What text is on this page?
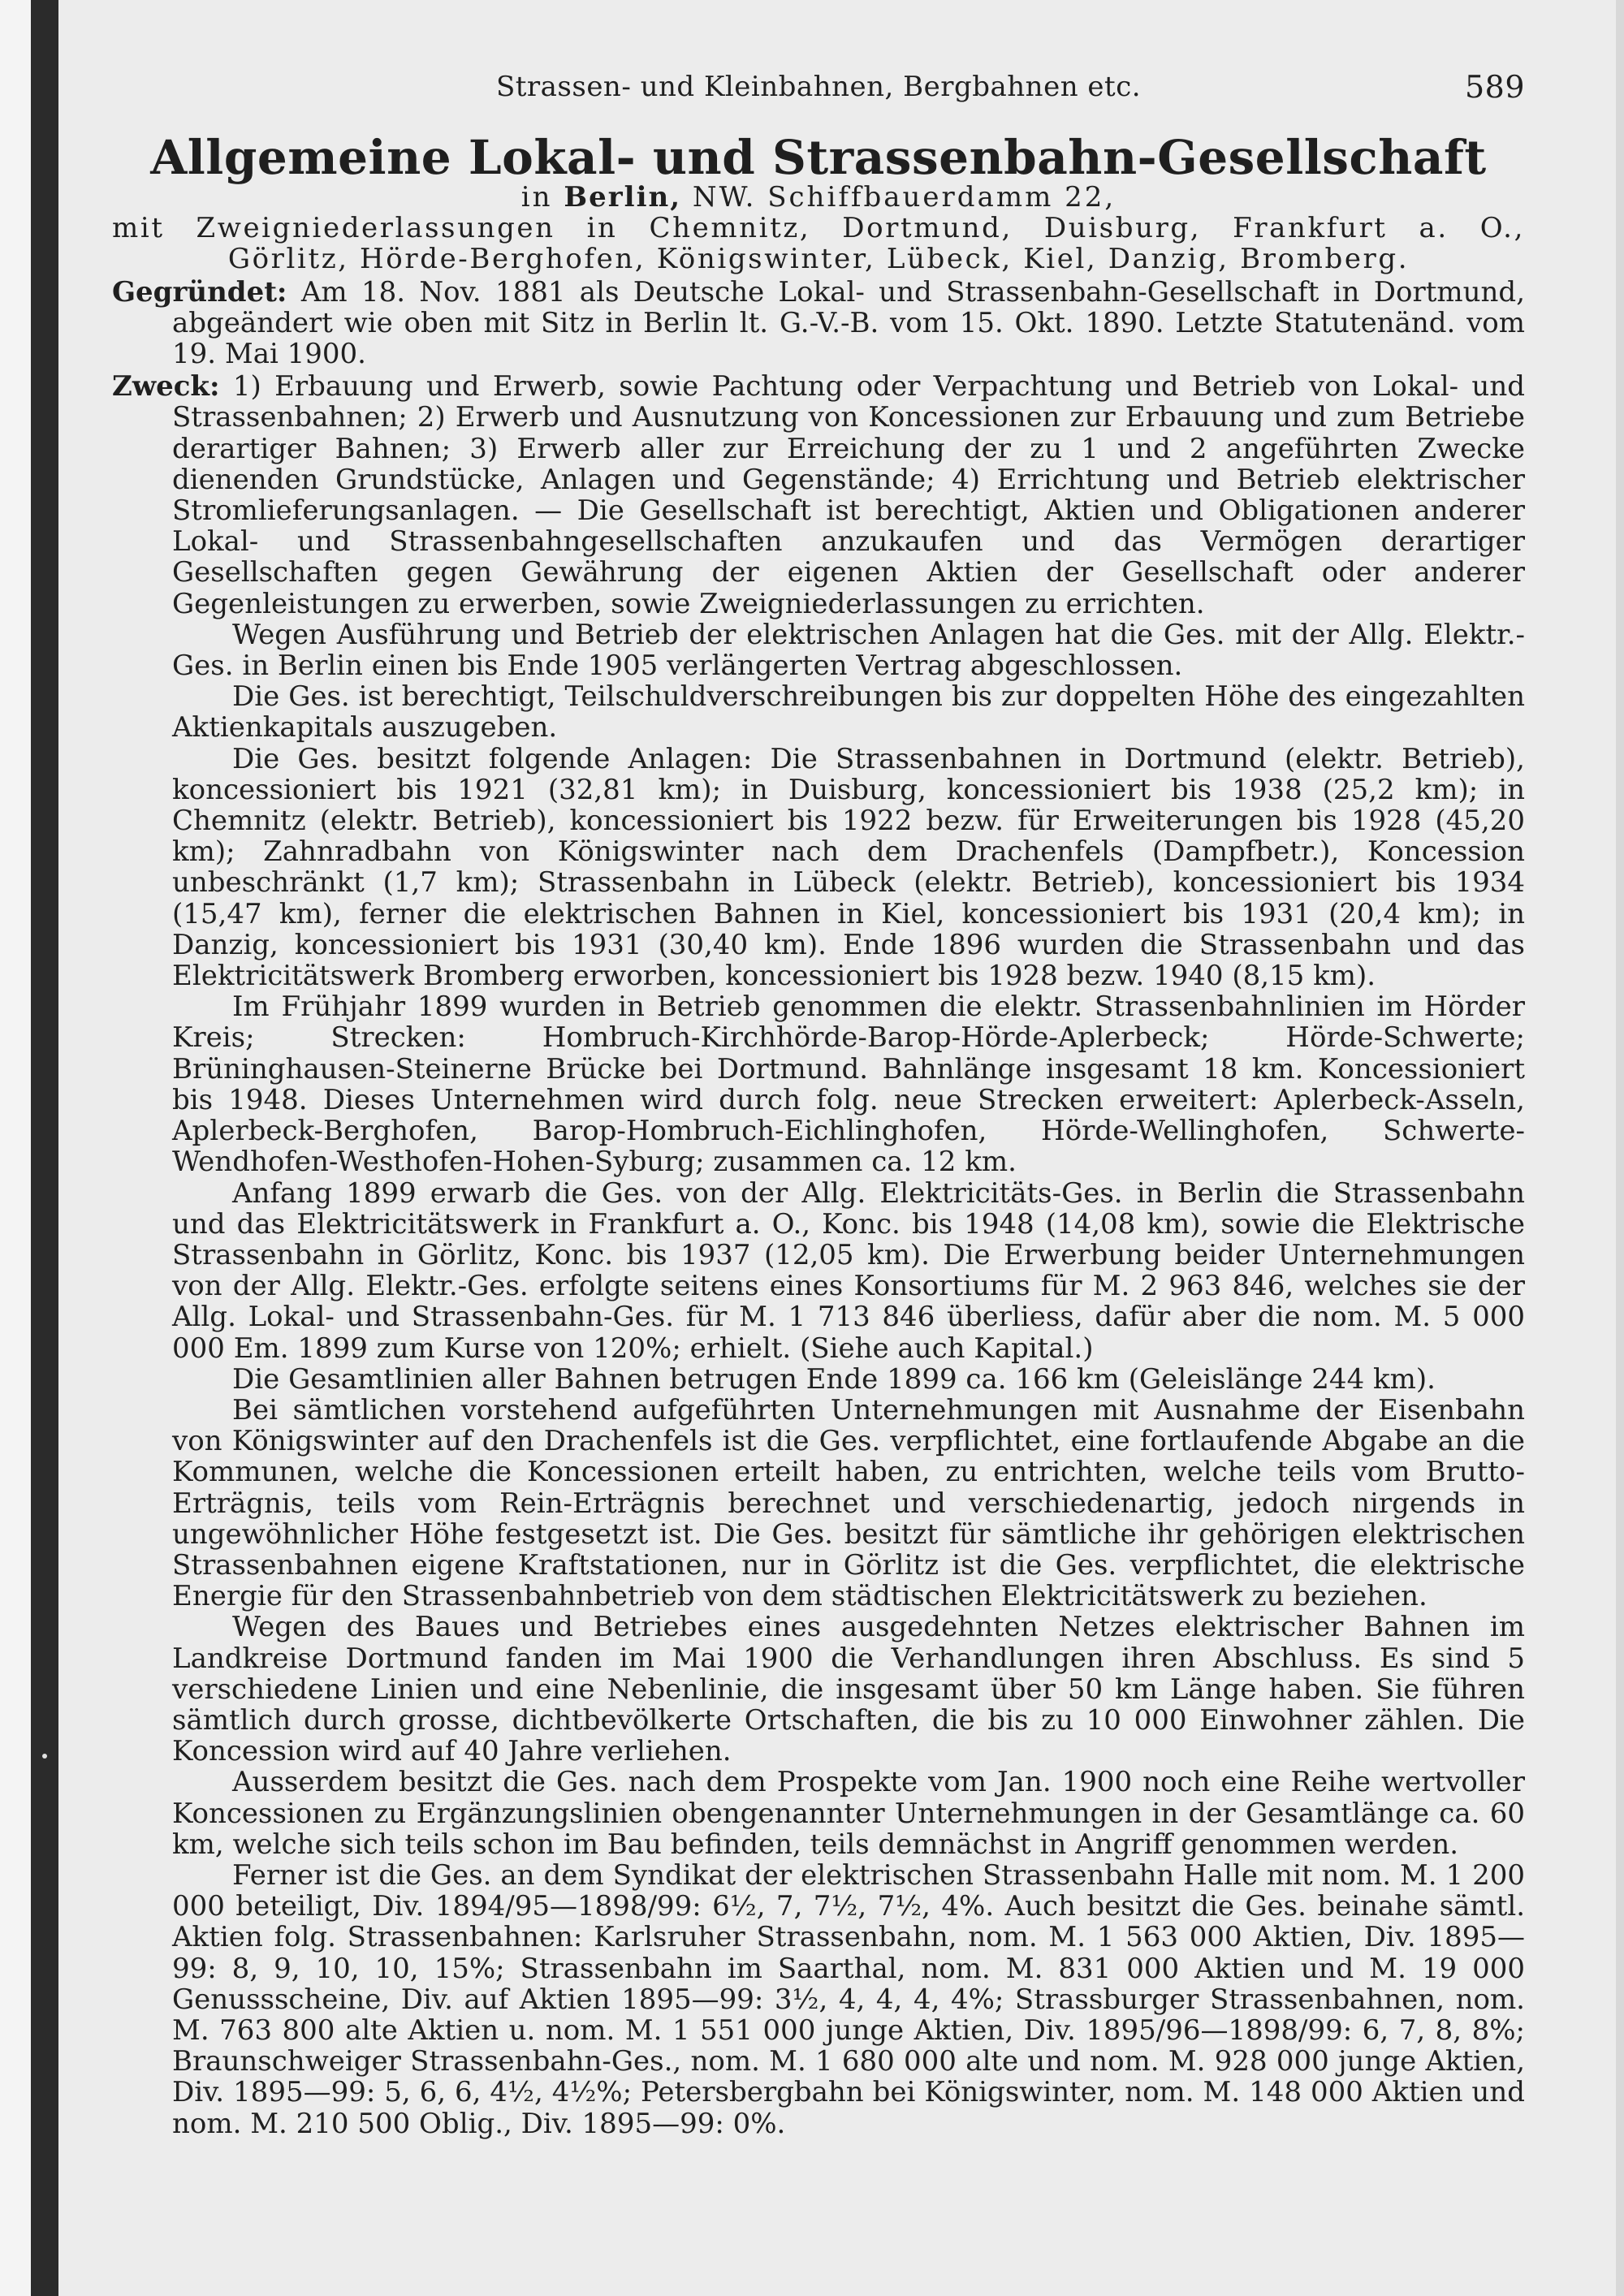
Strassen- und Kleinbahnen, Bergbahnen etc.	589
Allgemeine Lokal- und Strassenbahn-Gesellschaft
in Berlin, NW. Schiffbauerdamm 22,
mit Zweigniederlassungen in Chemnitz, Dortmund, Duisburg, Frankfurt a. O.,
Görlitz, Hörde-Berghofen, Königswinter, Lübeck, Kiel, Danzig, Bromberg.
Gegründet: Am 18. Nov. 1881 als Deutsche Lokal- und Strassenbahn-Gesellschaft in Dortmund, abgeändert wie oben mit Sitz in Berlin lt. G.-V.-B. vom 15. Okt. 1890. Letzte Statutenänd. vom 19. Mai 1900.
Zweck: 1) Erbauung und Erwerb, sowie Pachtung oder Verpachtung und Betrieb von Lokal- und Strassenbahnen; 2) Erwerb und Ausnutzung von Koncessionen zur Erbauung und zum Betriebe derartiger Bahnen; 3) Erwerb aller zur Erreichung der zu 1 und 2 angeführten Zwecke dienenden Grundstücke, Anlagen und Gegenstände; 4) Errichtung und Betrieb elektrischer Stromlieferungsanlagen. — Die Gesellschaft ist berechtigt, Aktien und Obligationen anderer Lokal- und Strassenbahngesellschaften anzukaufen und das Vermögen derartiger Gesellschaften gegen Gewährung der eigenen Aktien der Gesellschaft oder anderer Gegenleistungen zu erwerben, sowie Zweigniederlassungen zu errichten.

Wegen Ausführung und Betrieb der elektrischen Anlagen hat die Ges. mit der Allg. Elektr.-Ges. in Berlin einen bis Ende 1905 verlängerten Vertrag abgeschlossen.

Die Ges. ist berechtigt, Teilschuldverschreibungen bis zur doppelten Höhe des eingezahlten Aktienkapitals auszugeben.

Die Ges. besitzt folgende Anlagen: Die Strassenbahnen in Dortmund (elektr. Betrieb), koncessioniert bis 1921 (32,81 km); in Duisburg, koncessioniert bis 1938 (25,2 km); in Chemnitz (elektr. Betrieb), koncessioniert bis 1922 bezw. für Erweiterungen bis 1928 (45,20 km); Zahnradbahn von Königswinter nach dem Drachenfels (Dampfbetr.), Koncession unbeschränkt (1,7 km); Strassenbahn in Lübeck (elektr. Betrieb), koncessioniert bis 1934 (15,47 km), ferner die elektrischen Bahnen in Kiel, koncessioniert bis 1931 (20,4 km); in Danzig, koncessioniert bis 1931 (30,40 km). Ende 1896 wurden die Strassenbahn und das Elektricitätswerk Bromberg erworben, koncessioniert bis 1928 bezw. 1940 (8,15 km).

Im Frühjahr 1899 wurden in Betrieb genommen die elektr. Strassenbahnlinien im Hörder Kreis; Strecken: Hombruch-Kirchhörde-Barop-Hörde-Aplerbeck; Hörde-Schwerte; Brüninghausen-Steinerne Brücke bei Dortmund. Bahnlänge insgesamt 18 km. Koncessioniert bis 1948. Dieses Unternehmen wird durch folg. neue Strecken erweitert: Aplerbeck-Asseln, Aplerbeck-Berghofen, Barop-Hombruch-Eichlinghofen, Hörde-Wellinghofen, Schwerte-Wendhofen-Westhofen-Hohen-Syburg; zusammen ca. 12 km.

Anfang 1899 erwarb die Ges. von der Allg. Elektricitäts-Ges. in Berlin die Strassenbahn und das Elektricitätswerk in Frankfurt a. O., Konc. bis 1948 (14,08 km), sowie die Elektrische Strassenbahn in Görlitz, Konc. bis 1937 (12,05 km). Die Erwerbung beider Unternehmungen von der Allg. Elektr.-Ges. erfolgte seitens eines Konsortiums für M. 2 963 846, welches sie der Allg. Lokal- und Strassenbahn-Ges. für M. 1 713 846 überliess, dafür aber die nom. M. 5 000 000 Em. 1899 zum Kurse von 120%; erhielt. (Siehe auch Kapital.)

Die Gesamtlinien aller Bahnen betrugen Ende 1899 ca. 166 km (Geleislänge 244 km).

Bei sämtlichen vorstehend aufgeführten Unternehmungen mit Ausnahme der Eisenbahn von Königswinter auf den Drachenfels ist die Ges. verpflichtet, eine fortlaufende Abgabe an die Kommunen, welche die Koncessionen erteilt haben, zu entrichten, welche teils vom Brutto-Erträgnis, teils vom Rein-Erträgnis berechnet und verschiedenartig, jedoch nirgends in ungewöhnlicher Höhe festgesetzt ist. Die Ges. besitzt für sämtliche ihr gehörigen elektrischen Strassenbahnen eigene Kraftstationen, nur in Görlitz ist die Ges. verpflichtet, die elektrische Energie für den Strassenbahnbetrieb von dem städtischen Elektricitätswerk zu beziehen.

Wegen des Baues und Betriebes eines ausgedehnten Netzes elektrischer Bahnen im Landkreise Dortmund fanden im Mai 1900 die Verhandlungen ihren Abschluss. Es sind 5 verschiedene Linien und eine Nebenlinie, die insgesamt über 50 km Länge haben. Sie führen sämtlich durch grosse, dichtbevölkerte Ortschaften, die bis zu 10 000 Einwohner zählen. Die Koncession wird auf 40 Jahre verliehen.

Ausserdem besitzt die Ges. nach dem Prospekte vom Jan. 1900 noch eine Reihe wertvoller Koncessionen zu Ergänzungslinien obengenannter Unternehmungen in der Gesamtlänge ca. 60 km, welche sich teils schon im Bau befinden, teils demnächst in Angriff genommen werden.

Ferner ist die Ges. an dem Syndikat der elektrischen Strassenbahn Halle mit nom. M. 1 200 000 beteiligt, Div. 1894/95—1898/99: 6½, 7, 7½, 7½, 4%. Auch besitzt die Ges. beinahe sämtl. Aktien folg. Strassenbahnen: Karlsruher Strassenbahn, nom. M. 1 563 000 Aktien, Div. 1895—99: 8, 9, 10, 10, 15%; Strassenbahn im Saarthal, nom. M. 831 000 Aktien und M. 19 000 Genussscheine, Div. auf Aktien 1895—99: 3½, 4, 4, 4, 4%; Strassburger Strassenbahnen, nom. M. 763 800 alte Aktien u. nom. M. 1 551 000 junge Aktien, Div. 1895/96—1898/99: 6, 7, 8, 8%; Braunschweiger Strassenbahn-Ges., nom. M. 1 680 000 alte und nom. M. 928 000 junge Aktien, Div. 1895—99: 5, 6, 6, 4½, 4½%; Petersbergbahn bei Königswinter, nom. M. 148 000 Aktien und nom. M. 210 500 Oblig., Div. 1895—99: 0%.
